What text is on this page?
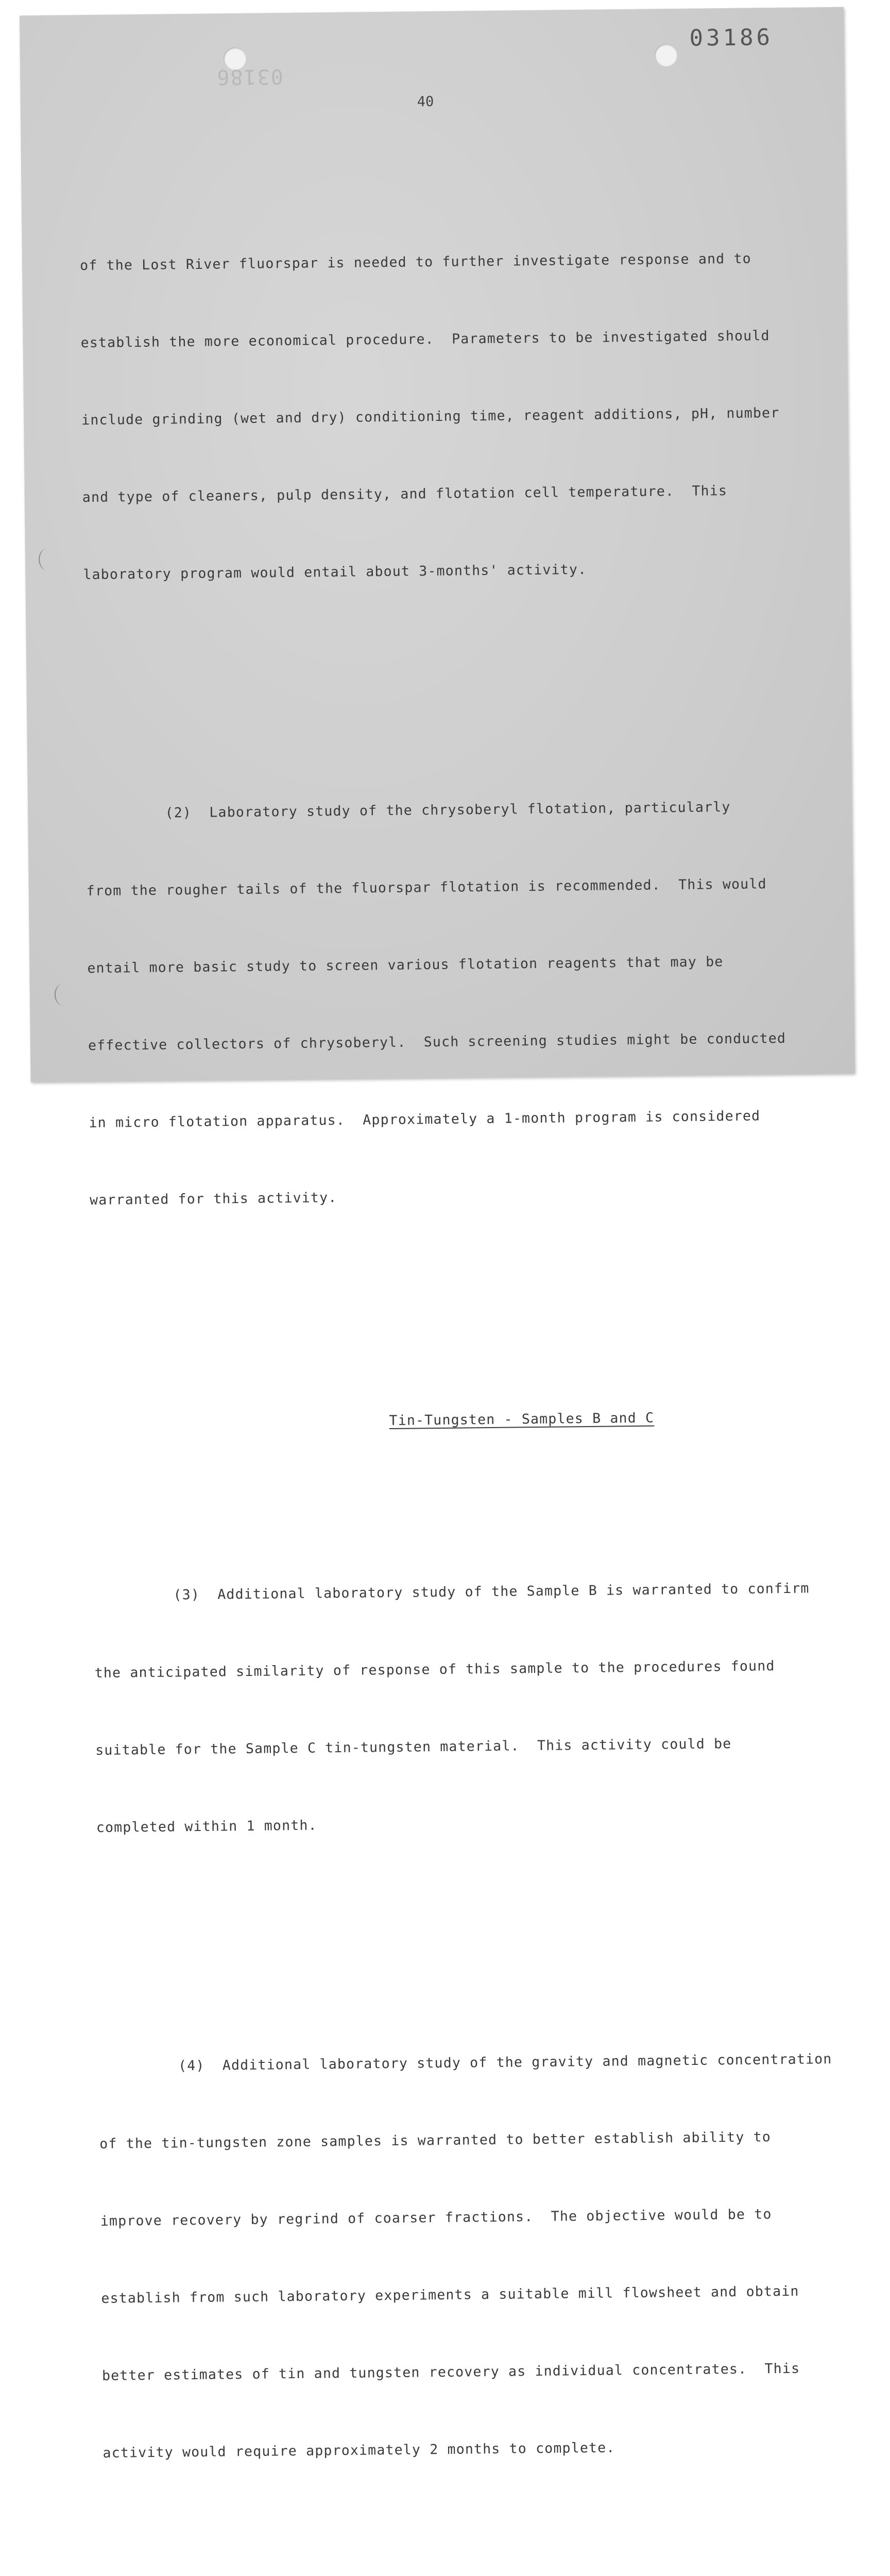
03186
03186
40

of the Lost River fluorspar is needed to further investigate response and to

establish the more economical procedure.  Parameters to be investigated should

include grinding (wet and dry) conditioning time, reagent additions, pH, number

and type of cleaners, pulp density, and flotation cell temperature.  This

laboratory program would entail about 3-months' activity.

(2)  Laboratory study of the chrysoberyl flotation, particularly

from the rougher tails of the fluorspar flotation is recommended.  This would

entail more basic study to screen various flotation reagents that may be

effective collectors of chrysoberyl.  Such screening studies might be conducted

in micro flotation apparatus.  Approximately a 1-month program is considered

warranted for this activity.

Tin-Tungsten - Samples B and C

(3)  Additional laboratory study of the Sample B is warranted to confirm

the anticipated similarity of response of this sample to the procedures found

suitable for the Sample C tin-tungsten material.  This activity could be

completed within 1 month.

(4)  Additional laboratory study of the gravity and magnetic concentration

of the tin-tungsten zone samples is warranted to better establish ability to

improve recovery by regrind of coarser fractions.  The objective would be to

establish from such laboratory experiments a suitable mill flowsheet and obtain

better estimates of tin and tungsten recovery as individual concentrates.  This

activity would require approximately 2 months to complete.
